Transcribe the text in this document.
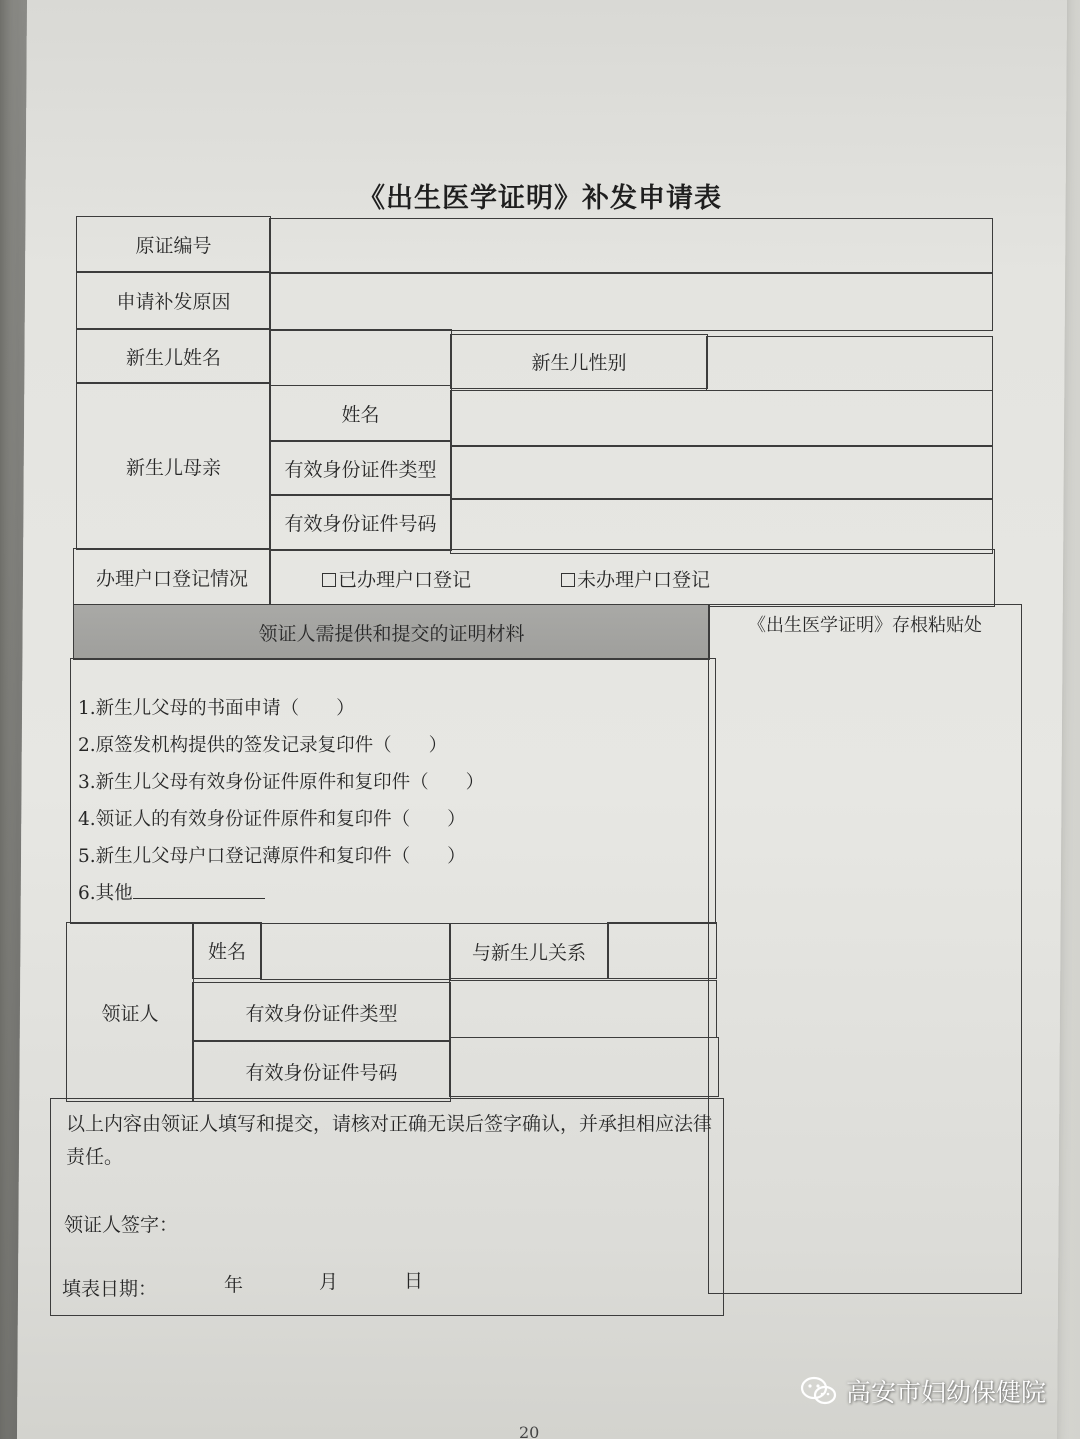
《出生医学证明》补发申请表
原证编号
申请补发原因
新生儿姓名	新生儿性别
新生儿母亲
姓名
有效身份证件类型
有效身份证件号码
办理户口登记情况	已办理户口登记	未办理户口登记
领证人需提供和提交的证明材料	《出生医学证明》存根粘贴处
1.新生儿父母的书面申请（　　）
2.原签发机构提供的签发记录复印件（　　）
3.新生儿父母有效身份证件原件和复印件（　　）
4.领证人的有效身份证件原件和复印件（　　）
5.新生儿父母户口登记薄原件和复印件（　　）
6.其他
领证人
姓名	与新生儿关系
有效身份证件类型
有效身份证件号码
以上内容由领证人填写和提交，请核对正确无误后签字确认，并承担相应法律责任。
领证人签字：
填表日期：	年	月	日
20
高安市妇幼保健院
